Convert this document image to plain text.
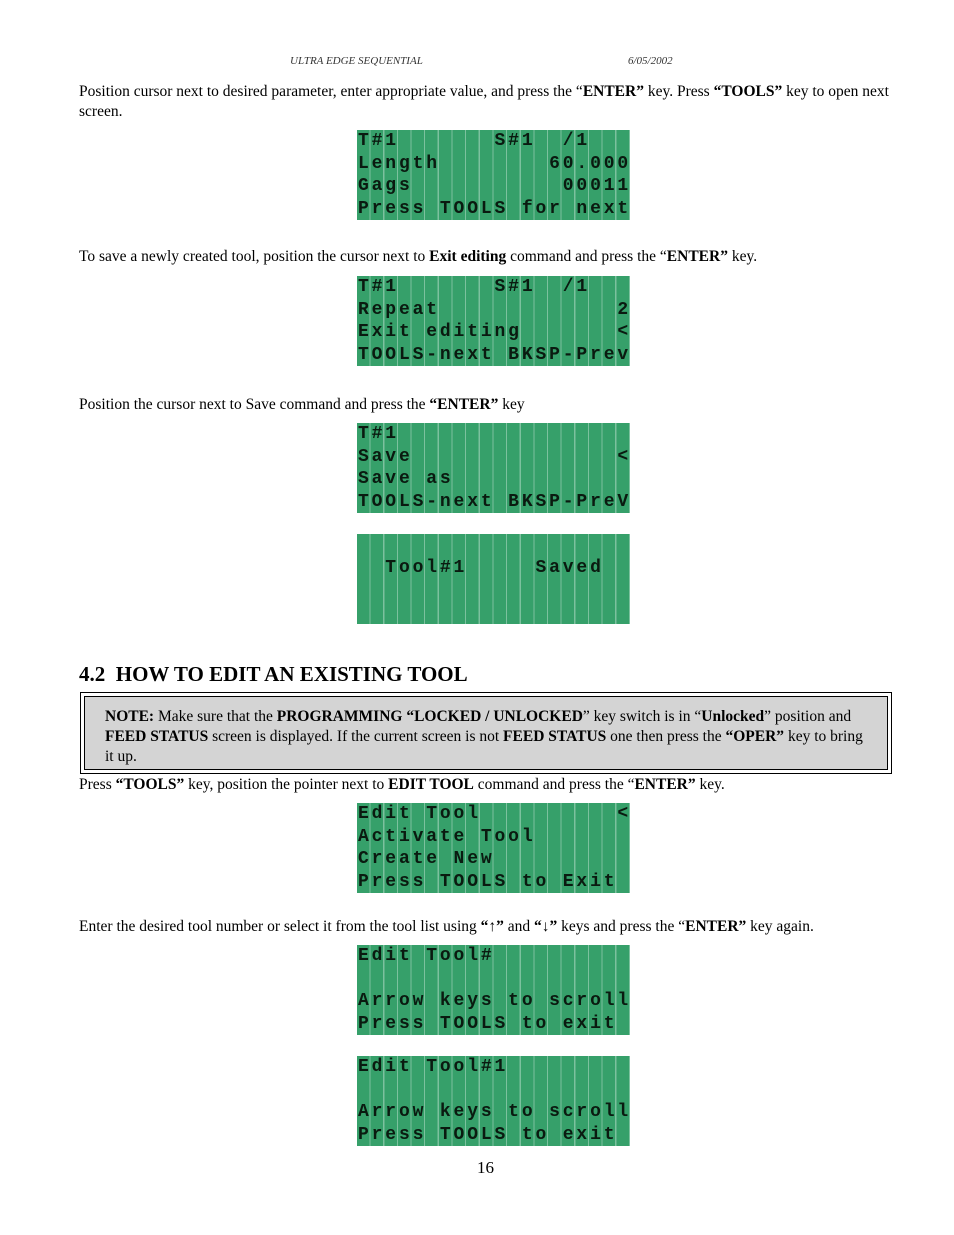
ULTRA EDGE SEQUENTIAL	6/05/2002
Position cursor next to desired parameter, enter appropriate value, and press the “ENTER” key. Press “TOOLS” key to open next screen.
T#1       S#1  /1
Length        60.000
Gags           00011
Press TOOLS for next
To save a newly created tool, position the cursor next to Exit editing command and press the “ENTER” key.
T#1       S#1  /1
Repeat             2
Exit editing       <
TOOLS-next BKSP-Prev
Position the cursor next to Save command and press the “ENTER” key
T#1
Save               <
Save as
TOOLS-next BKSP-PreV
Tool#1     Saved
4.2 HOW TO EDIT AN EXISTING TOOL
NOTE: Make sure that the PROGRAMMING “LOCKED / UNLOCKED” key switch is in “Unlocked” position and FEED STATUS screen is displayed. If the current screen is not FEED STATUS one then press the “OPER” key to bring it up.
Press “TOOLS” key, position the pointer next to EDIT TOOL command and press the “ENTER” key.
Edit Tool          <
Activate Tool
Create New
Press TOOLS to Exit
Enter the desired tool number or select it from the tool list using “↑” and “↓” keys and press the “ENTER” key again.
Edit Tool#
Arrow keys to scroll
Press TOOLS to exit
Edit Tool#1
Arrow keys to scroll
Press TOOLS to exit
16
